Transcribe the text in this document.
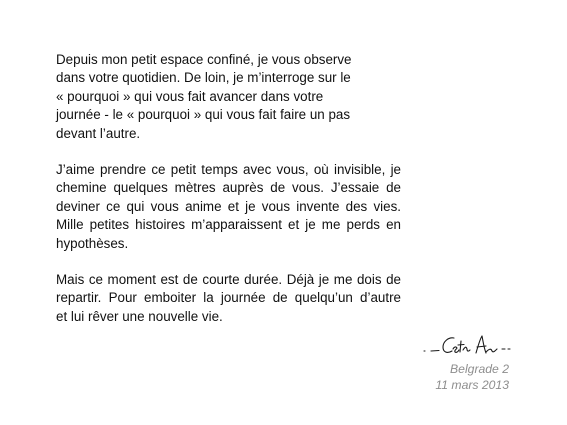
Depuis mon petit espace confiné, je vous observe
dans votre quotidien. De loin, je m’interroge sur le
« pourquoi » qui vous fait avancer dans votre
journée - le « pourquoi » qui vous fait faire un pas
devant l’autre.

J’aime prendre ce petit temps avec vous, où invisible, je
chemine quelques mètres auprès de vous. J’essaie de
deviner ce qui vous anime et je vous invente des vies.
Mille petites histoires m’apparaissent et je me perds en
hypothèses.

Mais ce moment est de courte durée. Déjà je me dois de
repartir. Pour emboiter la journée de quelqu’un d’autre
et lui rêver une nouvelle vie.

Belgrade 2
11 mars 2013
